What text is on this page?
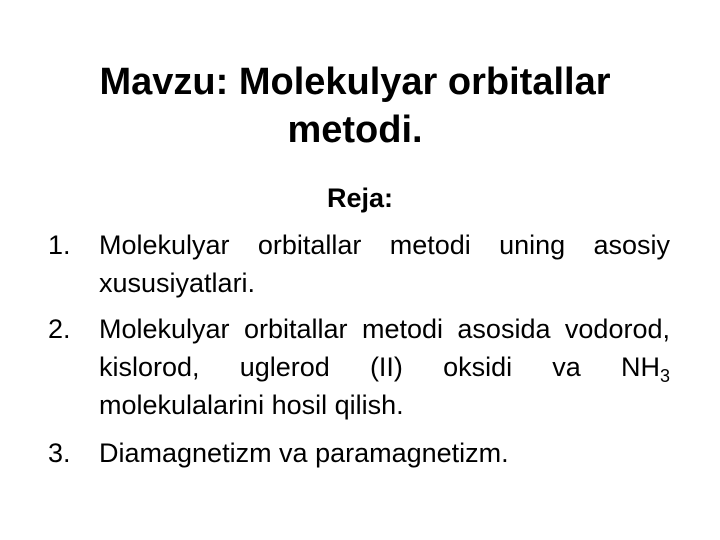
Mavzu: Molekulyar orbitallar metodi.
Reja:
1. Molekulyar orbitallar metodi uning asosiy xususiyatlari.
2. Molekulyar orbitallar metodi asosida vodorod, kislorod, uglerod (II) oksidi va $NH_3$ molekulalarini hosil qilish.
3. Diamagnetizm va paramagnetizm.
